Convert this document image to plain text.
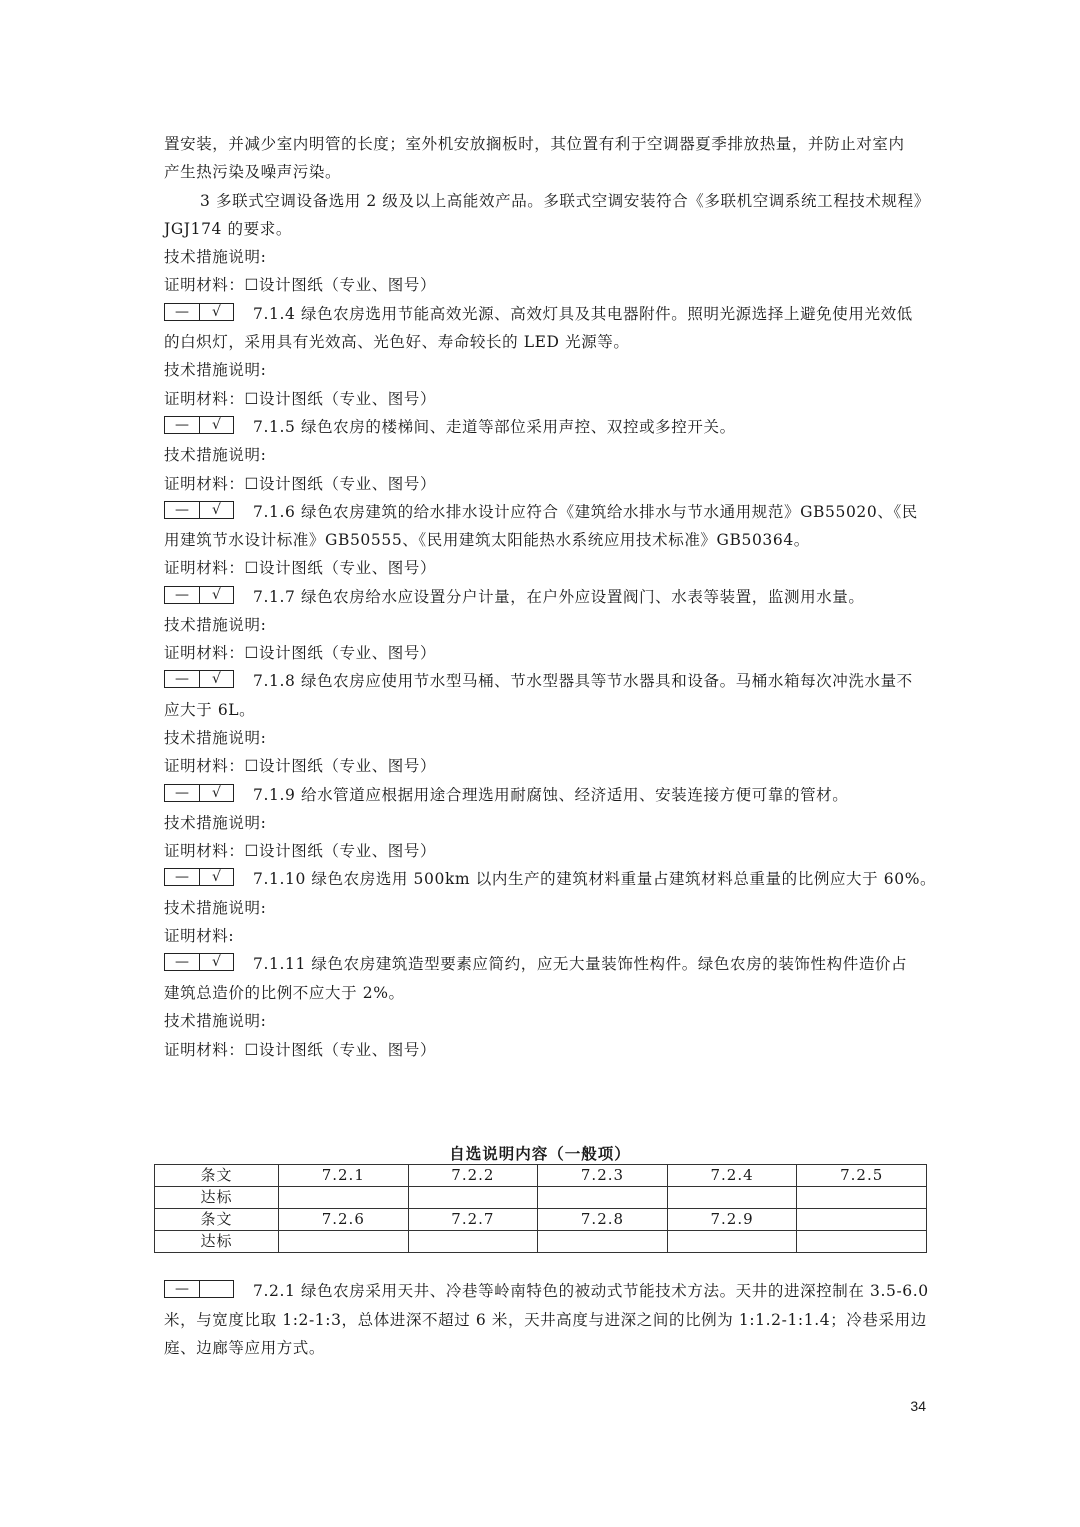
置安装，并减少室内明管的长度；室外机安放搁板时，其位置有利于空调器夏季排放热量，并防止对室内
产生热污染及噪声污染。
3 多联式空调设备选用 2 级及以上高能效产品。多联式空调安装符合《多联机空调系统工程技术规程》
JGJ174 的要求。
技术措施说明:
证明材料：☐设计图纸（专业、图号）
—	√	7.1.4 绿色农房选用节能高效光源、高效灯具及其电器附件。照明光源选择上避免使用光效低
的白炽灯，采用具有光效高、光色好、寿命较长的 LED 光源等。
技术措施说明:
证明材料：☐设计图纸（专业、图号）
—	√	7.1.5 绿色农房的楼梯间、走道等部位采用声控、双控或多控开关。
技术措施说明:
证明材料：☐设计图纸（专业、图号）
—	√	7.1.6 绿色农房建筑的给水排水设计应符合《建筑给水排水与节水通用规范》GB55020、《民
用建筑节水设计标准》GB50555、《民用建筑太阳能热水系统应用技术标准》GB50364。
证明材料：☐设计图纸（专业、图号）
—	√	7.1.7 绿色农房给水应设置分户计量，在户外应设置阀门、水表等装置，监测用水量。
技术措施说明:
证明材料：☐设计图纸（专业、图号）
—	√	7.1.8 绿色农房应使用节水型马桶、节水型器具等节水器具和设备。马桶水箱每次冲洗水量不
应大于 6L。
技术措施说明:
证明材料：☐设计图纸（专业、图号）
—	√	7.1.9 给水管道应根据用途合理选用耐腐蚀、经济适用、安装连接方便可靠的管材。
技术措施说明:
证明材料：☐设计图纸（专业、图号）
—	√	7.1.10 绿色农房选用 500km 以内生产的建筑材料重量占建筑材料总重量的比例应大于 60%。
技术措施说明:
证明材料:
—	√	7.1.11 绿色农房建筑造型要素应简约，应无大量装饰性构件。绿色农房的装饰性构件造价占
建筑总造价的比例不应大于 2%。
技术措施说明:
证明材料：☐设计图纸（专业、图号）
自选说明内容（一般项）
条文	7.2.1	7.2.2	7.2.3	7.2.4	7.2.5
达标					
条文	7.2.6	7.2.7	7.2.8	7.2.9	
达标					
—	7.2.1 绿色农房采用天井、冷巷等岭南特色的被动式节能技术方法。天井的进深控制在 3.5-6.0
米，与宽度比取 1:2-1:3，总体进深不超过 6 米，天井高度与进深之间的比例为 1:1.2-1:1.4；冷巷采用边
庭、边廊等应用方式。
34
